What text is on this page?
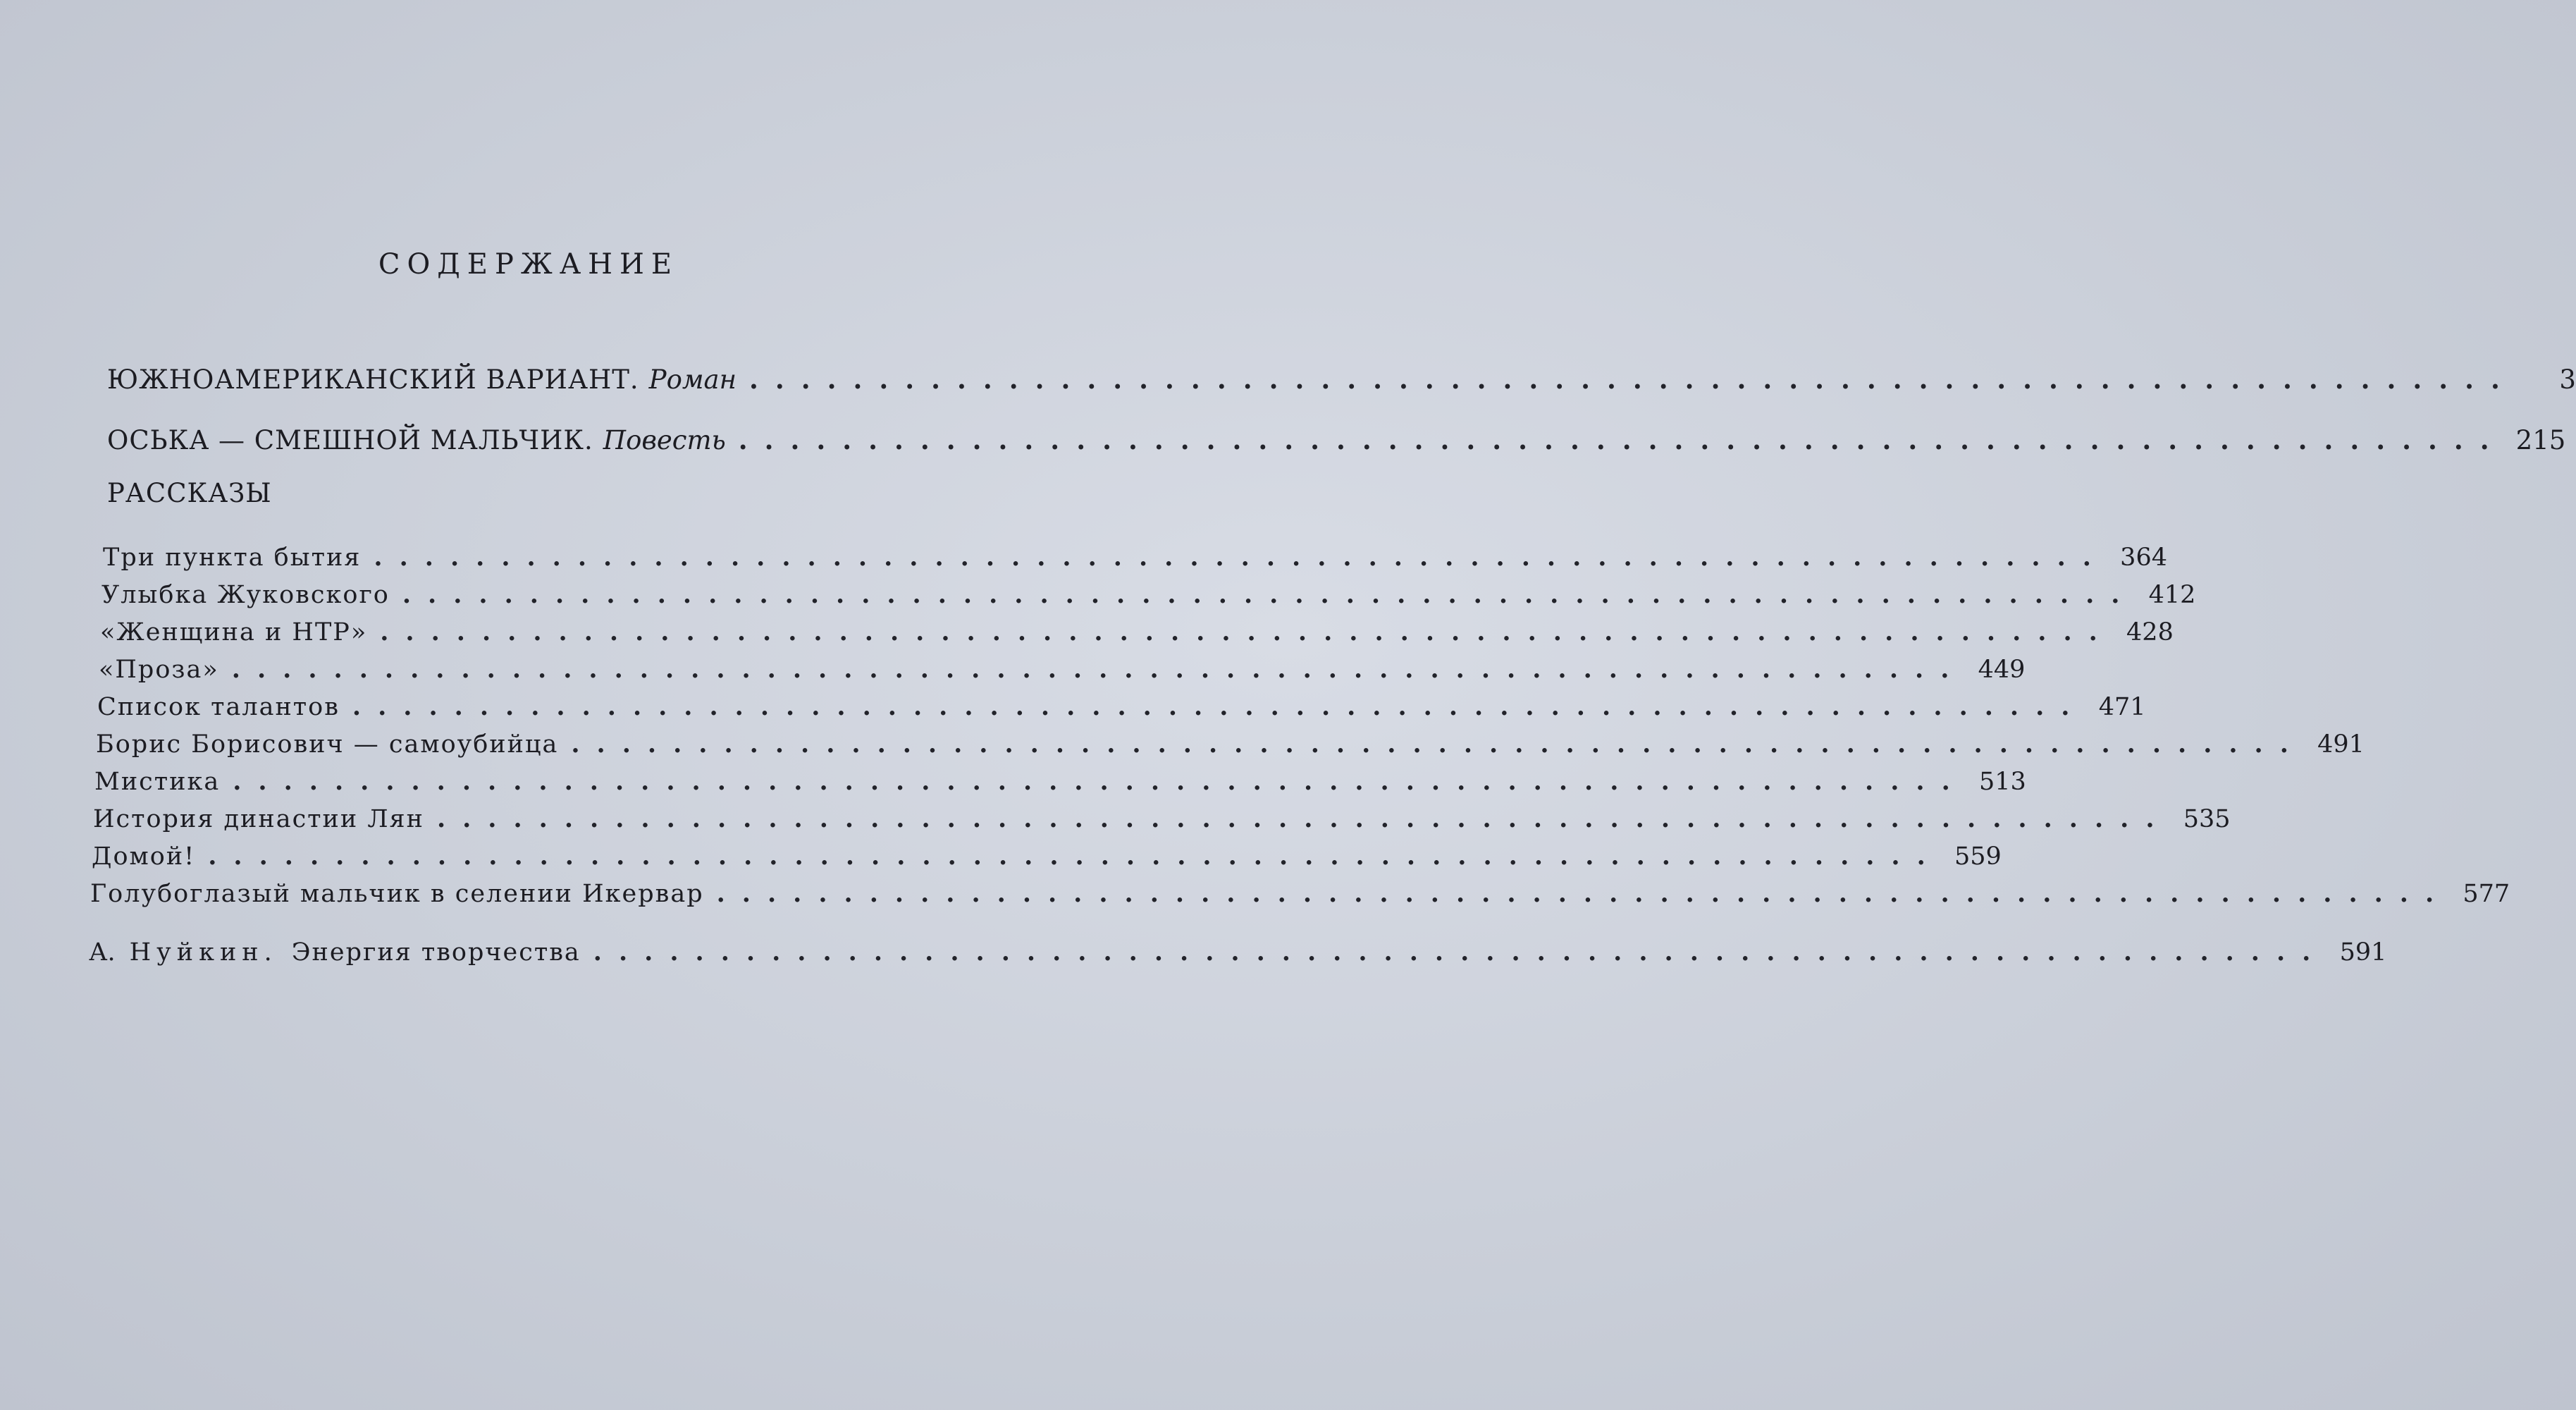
СОДЕРЖАНИЕ
ЮЖНОАМЕРИКАНСКИЙ ВАРИАНТ. Роман ....................................................................	3
ОСЬКА — СМЕШНОЙ МАЛЬЧИК. Повесть .................................................................... 215
РАССКАЗЫ
Три пункта бытия .................................................................... 364
Улыбка Жуковского .................................................................... 412
«Женщина и НТР» .................................................................... 428
«Проза» .................................................................... 449
Список талантов .................................................................... 471
Борис Борисович — самоубийца .................................................................... 491
Мистика .................................................................... 513
История династии Лян .................................................................... 535
Домой! .................................................................... 559
Голубоглазый мальчик в селении Икервар .................................................................... 577
А. Нуйкин. Энергия творчества .................................................................... 591
